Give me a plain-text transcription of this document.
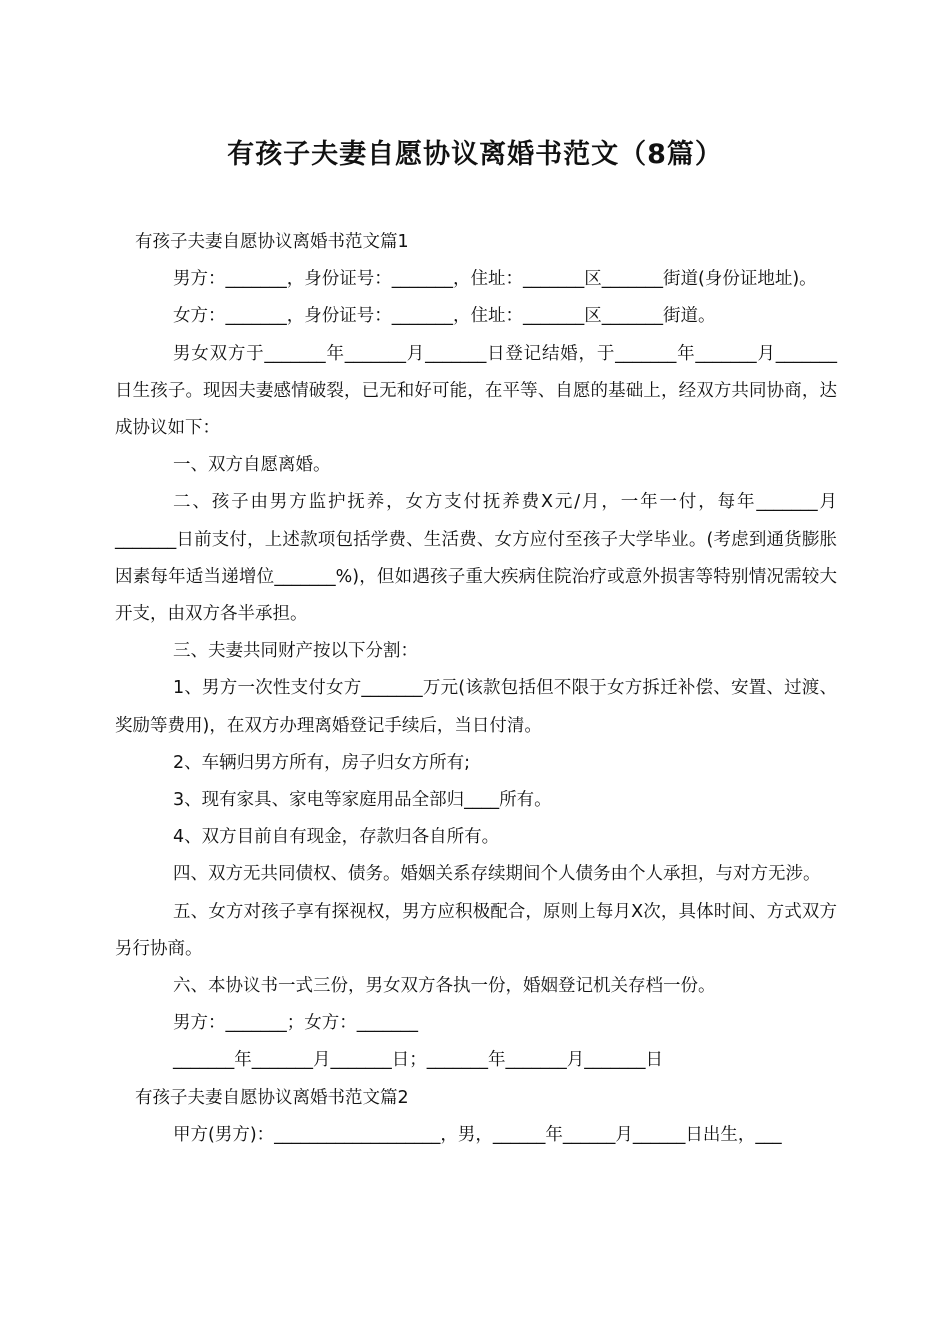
有孩子夫妻自愿协议离婚书范文（8篇）

有孩子夫妻自愿协议离婚书范文篇1

男方：_______，身份证号：_______，住址：_______区_______街道(身份证地址)。

女方：_______，身份证号：_______，住址：_______区_______街道。

男女双方于_______年_______月_______日登记结婚，于_______年_______月_______日生孩子。现因夫妻感情破裂，已无和好可能，在平等、自愿的基础上，经双方共同协商，达成协议如下：

一、双方自愿离婚。

二、孩子由男方监护抚养，女方支付抚养费X元/月，一年一付，每年_______月_______日前支付，上述款项包括学费、生活费、女方应付至孩子大学毕业。(考虑到通货膨胀因素每年适当递增位_______%)，但如遇孩子重大疾病住院治疗或意外损害等特别情况需较大开支，由双方各半承担。

三、夫妻共同财产按以下分割：

1、男方一次性支付女方_______万元(该款包括但不限于女方拆迁补偿、安置、过渡、奖励等费用)，在双方办理离婚登记手续后，当日付清。

2、车辆归男方所有，房子归女方所有;

3、现有家具、家电等家庭用品全部归____所有。

4、双方目前自有现金，存款归各自所有。

四、双方无共同债权、债务。婚姻关系存续期间个人债务由个人承担，与对方无涉。

五、女方对孩子享有探视权，男方应积极配合，原则上每月X次，具体时间、方式双方另行协商。

六、本协议书一式三份，男女双方各执一份，婚姻登记机关存档一份。

男方：_______；女方：_______

_______年_______月_______日；_______年_______月_______日

有孩子夫妻自愿协议离婚书范文篇2

甲方(男方)：___________________，男，______年______月______日出生，___
